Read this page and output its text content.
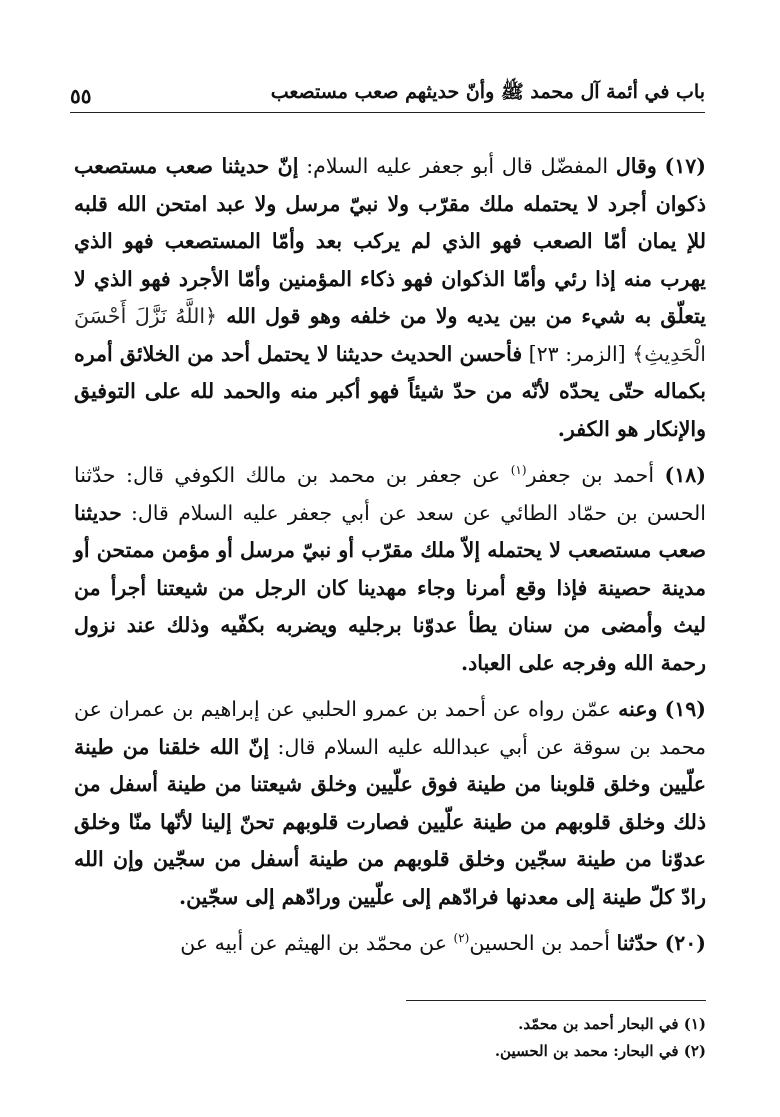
باب في أئمة آل محمد ﷺ وأنّ حديثهم صعب مستصعب
٥٥

(١٧) وقال المفضّل قال أبو جعفر عليه السلام: إنّ حديثنا صعب مستصعب ذكوان أجرد لا يحتمله ملك مقرّب ولا نبيّ مرسل ولا عبد امتحن الله قلبه للإ يمان أمّا الصعب فهو الذي لم يركب بعد وأمّا المستصعب فهو الذي يهرب منه إذا رئي وأمّا الذكوان فهو ذكاء المؤمنين وأمّا الأجرد فهو الذي لا يتعلّق به شيء من بين يديه ولا من خلفه وهو قول الله ﴿اللَّهُ نَزَّلَ أَحْسَنَ الْحَدِيثِ﴾ [الزمر: ٢٣] فأحسن الحديث حديثنا لا يحتمل أحد من الخلائق أمره بكماله حتّى يحدّه لأنّه من حدّ شيئاً فهو أكبر منه والحمد لله على التوفيق والإنكار هو الكفر.

(١٨) أحمد بن جعفر$^{(١)}$ عن جعفر بن محمد بن مالك الكوفي قال: حدّثنا الحسن بن حمّاد الطائي عن سعد عن أبي جعفر عليه السلام قال: حديثنا صعب مستصعب لا يحتمله إلاّ ملك مقرّب أو نبيّ مرسل أو مؤمن ممتحن أو مدينة حصينة فإذا وقع أمرنا وجاء مهدينا كان الرجل من شيعتنا أجرأ من ليث وأمضى من سنان يطأ عدوّنا برجليه ويضربه بكفّيه وذلك عند نزول رحمة الله وفرجه على العباد.

(١٩) وعنه عمّن رواه عن أحمد بن عمرو الحلبي عن إبراهيم بن عمران عن محمد بن سوقة عن أبي عبدالله عليه السلام قال: إنّ الله خلقنا من طينة علّيين وخلق قلوبنا من طينة فوق علّيين وخلق شيعتنا من طينة أسفل من ذلك وخلق قلوبهم من طينة علّيين فصارت قلوبهم تحنّ إلينا لأنّها منّا وخلق عدوّنا من طينة سجّين وخلق قلوبهم من طينة أسفل من سجّين وإن الله رادّ كلّ طينة إلى معدنها فرادّهم إلى علّيين ورادّهم إلى سجّين.

(٢٠) حدّثنا أحمد بن الحسين$^{(٢)}$ عن محمّد بن الهيثم عن أبيه عن

(١) في البحار أحمد بن محمّد.
(٢) في البحار: محمد بن الحسين.
